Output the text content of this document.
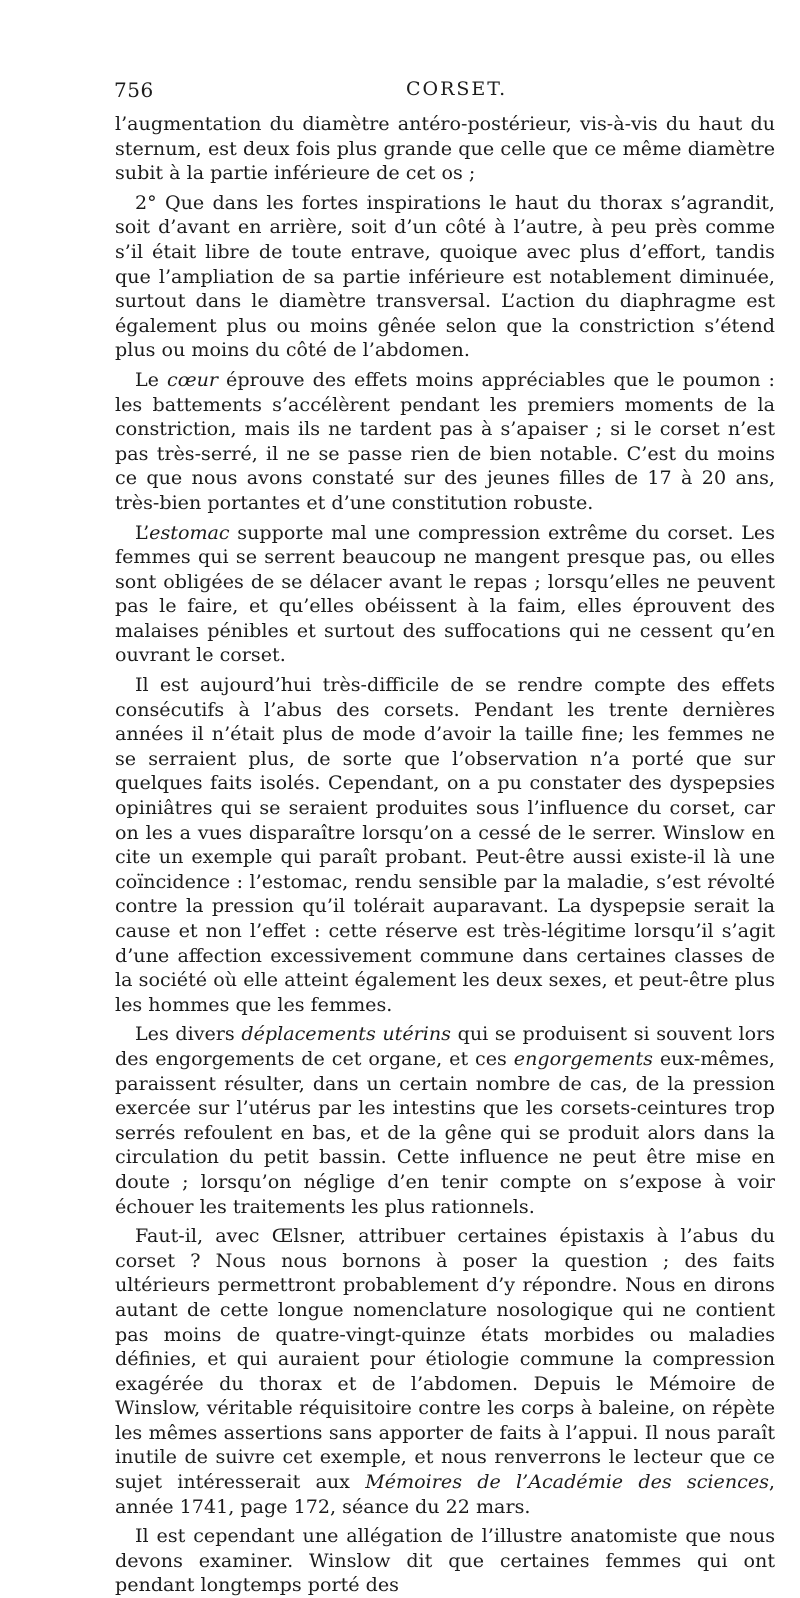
756	CORSET.

l’augmentation du diamètre antéro-postérieur, vis-à-vis du haut du sternum, est deux fois plus grande que celle que ce même diamètre subit à la partie inférieure de cet os ;

2° Que dans les fortes inspirations le haut du thorax s’agrandit, soit d’avant en arrière, soit d’un côté à l’autre, à peu près comme s’il était libre de toute entrave, quoique avec plus d’effort, tandis que l’ampliation de sa partie inférieure est notablement diminuée, surtout dans le diamètre transversal. L’action du diaphragme est également plus ou moins gênée selon que la constriction s’étend plus ou moins du côté de l’abdomen.

Le cœur éprouve des effets moins appréciables que le poumon : les battements s’accélèrent pendant les premiers moments de la constriction, mais ils ne tardent pas à s’apaiser ; si le corset n’est pas très-serré, il ne se passe rien de bien notable. C’est du moins ce que nous avons constaté sur des jeunes filles de 17 à 20 ans, très-bien portantes et d’une constitution robuste.

L’estomac supporte mal une compression extrême du corset. Les femmes qui se serrent beaucoup ne mangent presque pas, ou elles sont obligées de se délacer avant le repas ; lorsqu’elles ne peuvent pas le faire, et qu’elles obéissent à la faim, elles éprouvent des malaises pénibles et surtout des suffocations qui ne cessent qu’en ouvrant le corset.

Il est aujourd’hui très-difficile de se rendre compte des effets consécutifs à l’abus des corsets. Pendant les trente dernières années il n’était plus de mode d’avoir la taille fine; les femmes ne se serraient plus, de sorte que l’observation n’a porté que sur quelques faits isolés. Cependant, on a pu constater des dyspepsies opiniâtres qui se seraient produites sous l’influence du corset, car on les a vues disparaître lorsqu’on a cessé de le serrer. Winslow en cite un exemple qui paraît probant. Peut-être aussi existe-il là une coïncidence : l’estomac, rendu sensible par la maladie, s’est révolté contre la pression qu’il tolérait auparavant. La dyspepsie serait la cause et non l’effet : cette réserve est très-légitime lorsqu’il s’agit d’une affection excessivement commune dans certaines classes de la société où elle atteint également les deux sexes, et peut-être plus les hommes que les femmes.

Les divers déplacements utérins qui se produisent si souvent lors des engorgements de cet organe, et ces engorgements eux-mêmes, paraissent résulter, dans un certain nombre de cas, de la pression exercée sur l’utérus par les intestins que les corsets-ceintures trop serrés refoulent en bas, et de la gêne qui se produit alors dans la circulation du petit bassin. Cette influence ne peut être mise en doute ; lorsqu’on néglige d’en tenir compte on s’expose à voir échouer les traitements les plus rationnels.

Faut-il, avec Œlsner, attribuer certaines épistaxis à l’abus du corset ? Nous nous bornons à poser la question ; des faits ultérieurs permettront probablement d’y répondre. Nous en dirons autant de cette longue nomenclature nosologique qui ne contient pas moins de quatre-vingt-quinze états morbides ou maladies définies, et qui auraient pour étiologie commune la compression exagérée du thorax et de l’abdomen. Depuis le Mémoire de Winslow, véritable réquisitoire contre les corps à baleine, on répète les mêmes assertions sans apporter de faits à l’appui. Il nous paraît inutile de suivre cet exemple, et nous renverrons le lecteur que ce sujet intéresserait aux Mémoires de l’Académie des sciences, année 1741, page 172, séance du 22 mars.

Il est cependant une allégation de l’illustre anatomiste que nous devons examiner. Winslow dit que certaines femmes qui ont pendant longtemps porté des
